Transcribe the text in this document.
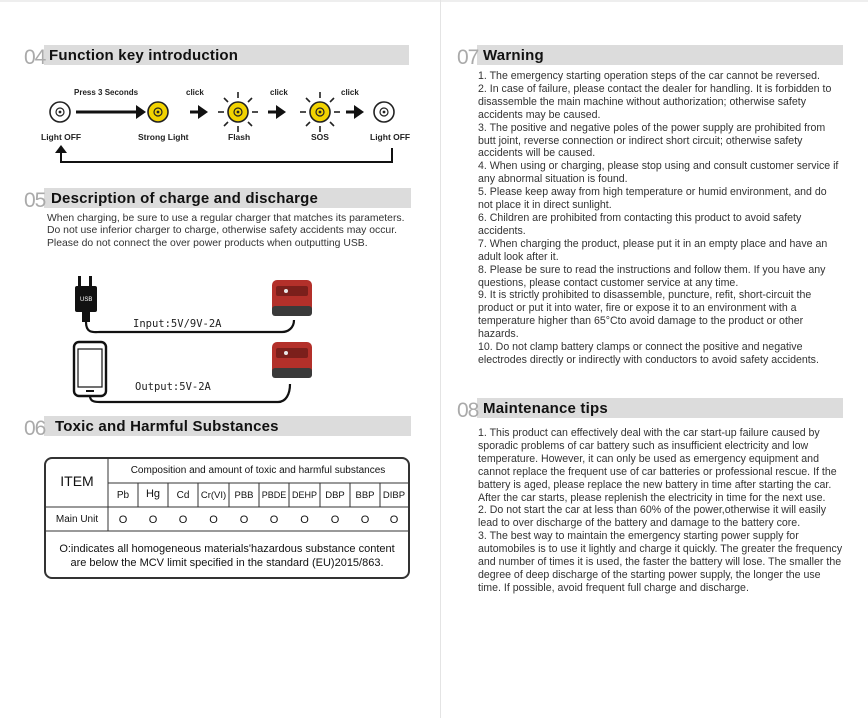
04 Function key introduction
Press 3 Seconds	click	click	click
Light OFF	Strong Light	Flash	SOS	Light OFF
05 Description of charge and discharge

When charging, be sure to use a regular charger that matches its parameters. Do not use inferior charger to charge, otherwise safety accidents may occur. Please do not connect the over power products when outputting USB.

USB
Input:5V/9V-2A
Output:5V-2A
06 Toxic and Harmful Substances
ITEM
Composition and amount of toxic and harmful substances
Pb	Hg	Cd	Cr(VI) PBB PBDE DEHP DBP	BBP DIBP
Main Unit	O	O	O	O	O	O	O	O	O	O
O:indicates all homogeneous materials'hazardous substance content
are below the MCV limit specified in the standard (EU)2015/863.
07 Warning

1. The emergency starting operation steps of the car cannot be reversed.

2. In case of failure, please contact the dealer for handling. It is forbidden to disassemble the main machine without authorization; otherwise safety accidents may be caused.

3. The positive and negative poles of the power supply are prohibited from butt joint, reverse connection or indirect short circuit; otherwise safety accidents will be caused.

4. When using or charging, please stop using and consult customer service if any abnormal situation is found.

5. Please keep away from high temperature or humid environment, and do not place it in direct sunlight.

6. Children are prohibited from contacting this product to avoid safety accidents.

7. When charging the product, please put it in an empty place and have an adult look after it.

8. Please be sure to read the instructions and follow them. If you have any questions, please contact customer service at any time.

9. It is strictly prohibited to disassemble, puncture, refit, short-circuit the product or put it into water, fire or expose it to an environment with a temperature higher than 65°Cto avoid damage to the product or other hazards.

10. Do not clamp battery clamps or connect the positive and negative electrodes directly or indirectly with conductors to avoid safety accidents.

08 Maintenance tips

1. This product can effectively deal with the car start-up failure caused by sporadic problems of car battery such as insufficient electricity and low temperature. However, it can only be used as emergency equipment and cannot replace the frequent use of car batteries or professional rescue. If the battery is aged, please replace the new battery in time after starting the car. After the car starts, please replenish the electricity in time for the next use.

2. Do not start the car at less than 60% of the power,otherwise it will easily lead to over discharge of the battery and damage to the battery core.

3. The best way to maintain the emergency starting power supply for automobiles is to use it lightly and charge it quickly. The greater the frequency and number of times it is used, the faster the battery will lose. The smaller the degree of deep discharge of the starting power supply, the longer the use time. If possible, avoid frequent full charge and discharge.
